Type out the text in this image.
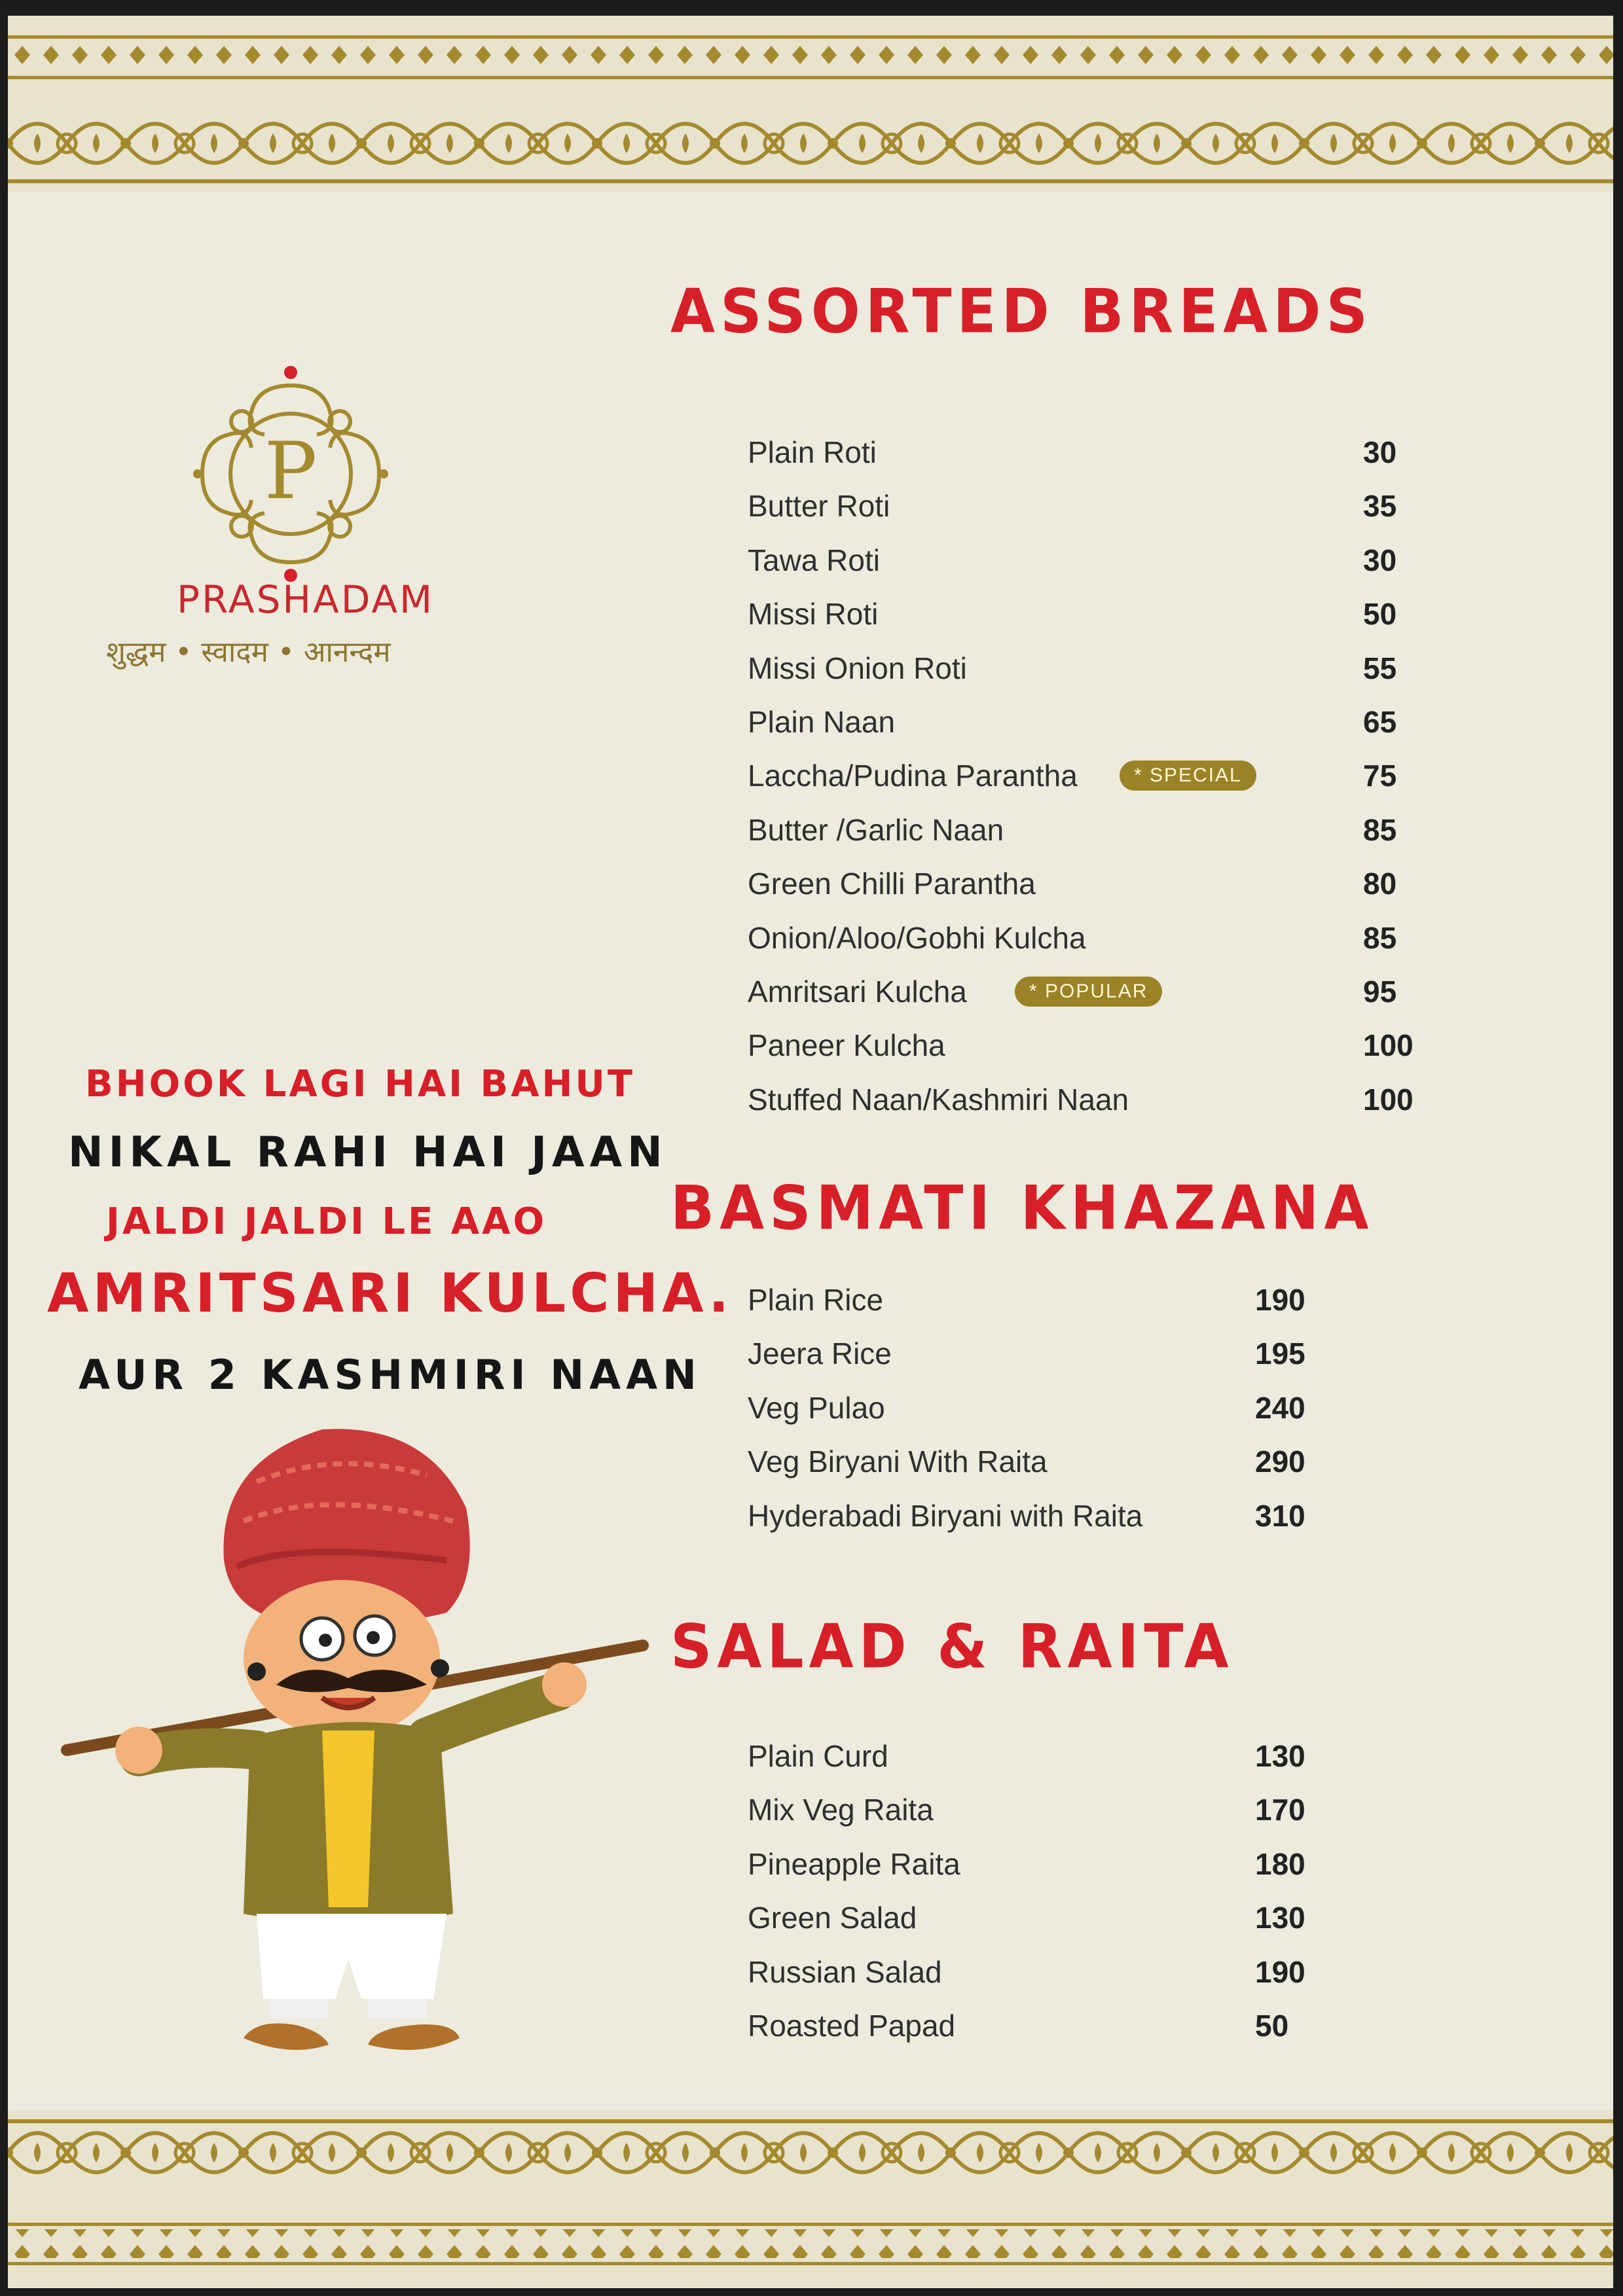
P
PRASHADAM
शुद्धम • स्वादम • आनन्दम
BHOOK LAGI HAI BAHUT
NIKAL RAHI HAI JAAN
JALDI JALDI LE AAO
AMRITSARI KULCHA.
AUR 2 KASHMIRI NAAN
ASSORTED BREADS
BASMATI KHAZANA
SALAD & RAITA
Plain Roti	30
Butter Roti	35
Tawa Roti	30
Missi Roti	50
Missi Onion Roti	55
Plain Naan	65
Laccha/Pudina Parantha	* SPECIAL	75
Butter /Garlic Naan	85
Green Chilli Parantha	80
Onion/Aloo/Gobhi Kulcha	85
Amritsari Kulcha	* POPULAR	95
Paneer Kulcha	100
Stuffed Naan/Kashmiri Naan	100
Plain Rice	190
Jeera Rice	195
Veg Pulao	240
Veg Biryani With Raita	290
Hyderabadi Biryani with Raita	310
Plain Curd	130
Mix Veg Raita	170
Pineapple Raita	180
Green Salad	130
Russian Salad	190
Roasted Papad	50
